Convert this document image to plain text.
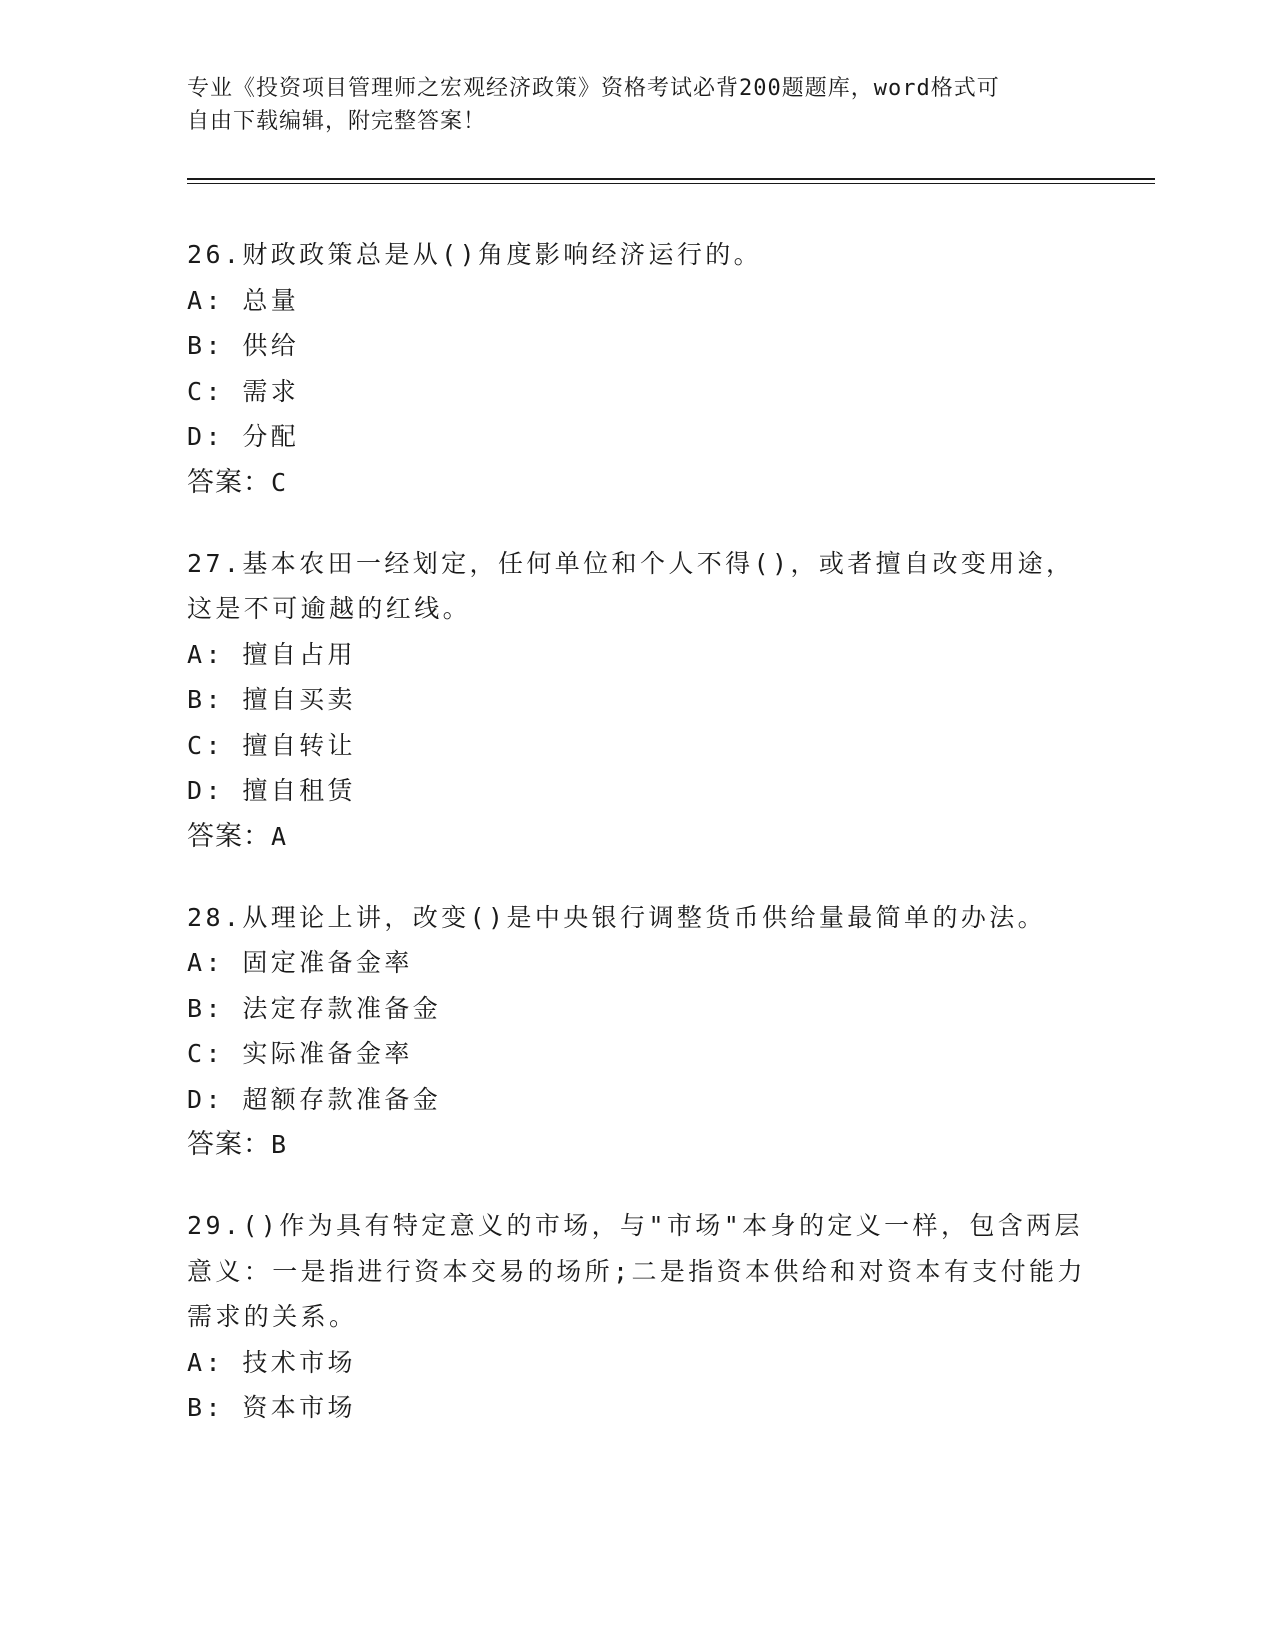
专业《投资项目管理师之宏观经济政策》资格考试必背200题题库，word格式可
自由下载编辑，附完整答案！
26.财政政策总是从()角度影响经济运行的。
A: 总量
B: 供给
C: 需求
D: 分配
答案：C
27.基本农田一经划定，任何单位和个人不得()，或者擅自改变用途，这是不可逾越的红线。
A: 擅自占用
B: 擅自买卖
C: 擅自转让
D: 擅自租赁
答案：A
28.从理论上讲，改变()是中央银行调整货币供给量最简单的办法。
A: 固定准备金率
B: 法定存款准备金
C: 实际准备金率
D: 超额存款准备金
答案：B
29.()作为具有特定意义的市场，与"市场"本身的定义一样，包含两层意义：一是指进行资本交易的场所;二是指资本供给和对资本有支付能力需求的关系。
A: 技术市场
B: 资本市场
